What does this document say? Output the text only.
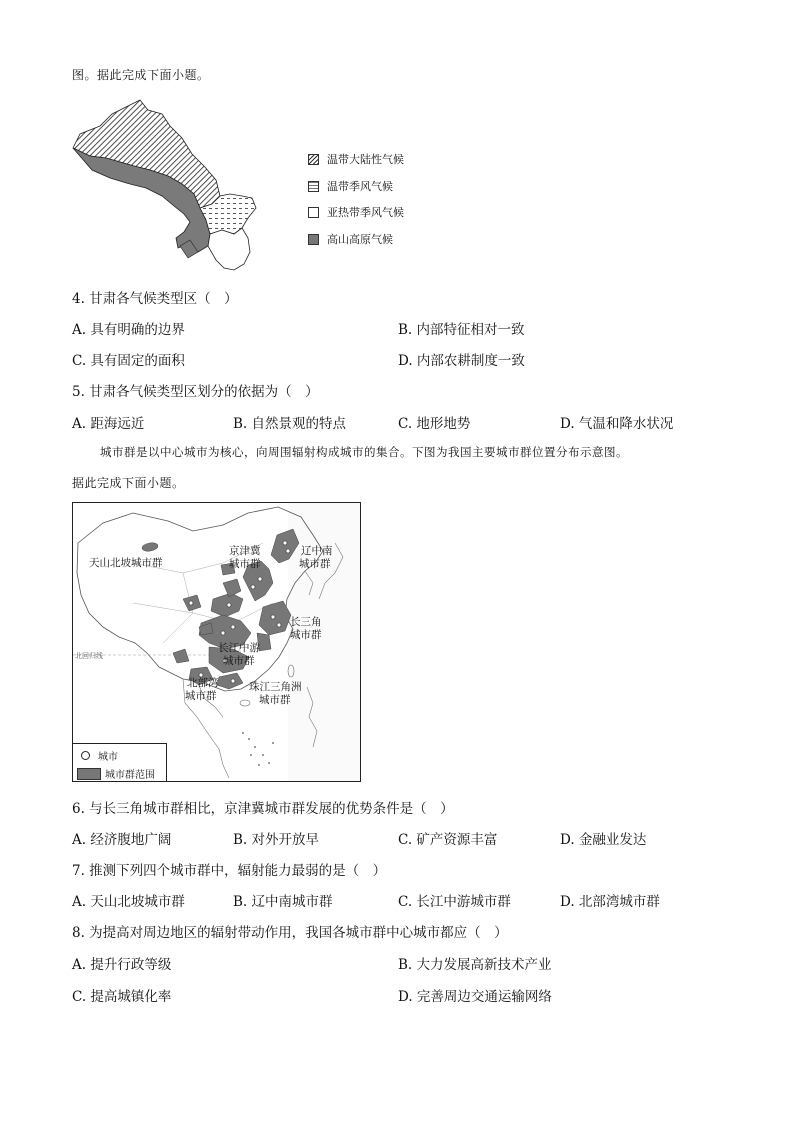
图。据此完成下面小题。
温带大陆性气候
温带季风气候
亚热带季风气候
高山高原气候
4. 甘肃各气候类型区（　）
A. 具有明确的边界	B. 内部特征相对一致
C. 具有固定的面积	D. 内部农耕制度一致
5. 甘肃各气候类型区划分的依据为（　）
A. 距海远近	B. 自然景观的特点	C. 地形地势	D. 气温和降水状况
城市群是以中心城市为核心，向周围辐射构成城市的集合。下图为我国主要城市群位置分布示意图。
据此完成下面小题。
天山北坡城市群
京津冀
城市群
辽中南
城市群
长三角
城市群
长江中游
城市群
北部湾
城市群
珠江三角洲
城市群
北回归线
城市
城市群范围
6. 与长三角城市群相比，京津冀城市群发展的优势条件是（　）
A. 经济腹地广阔	B. 对外开放早	C. 矿产资源丰富	D. 金融业发达
7. 推测下列四个城市群中，辐射能力最弱的是（　）
A. 天山北坡城市群	B. 辽中南城市群	C. 长江中游城市群	D. 北部湾城市群
8. 为提高对周边地区的辐射带动作用，我国各城市群中心城市都应（　）
A. 提升行政等级	B. 大力发展高新技术产业
C. 提高城镇化率	D. 完善周边交通运输网络
